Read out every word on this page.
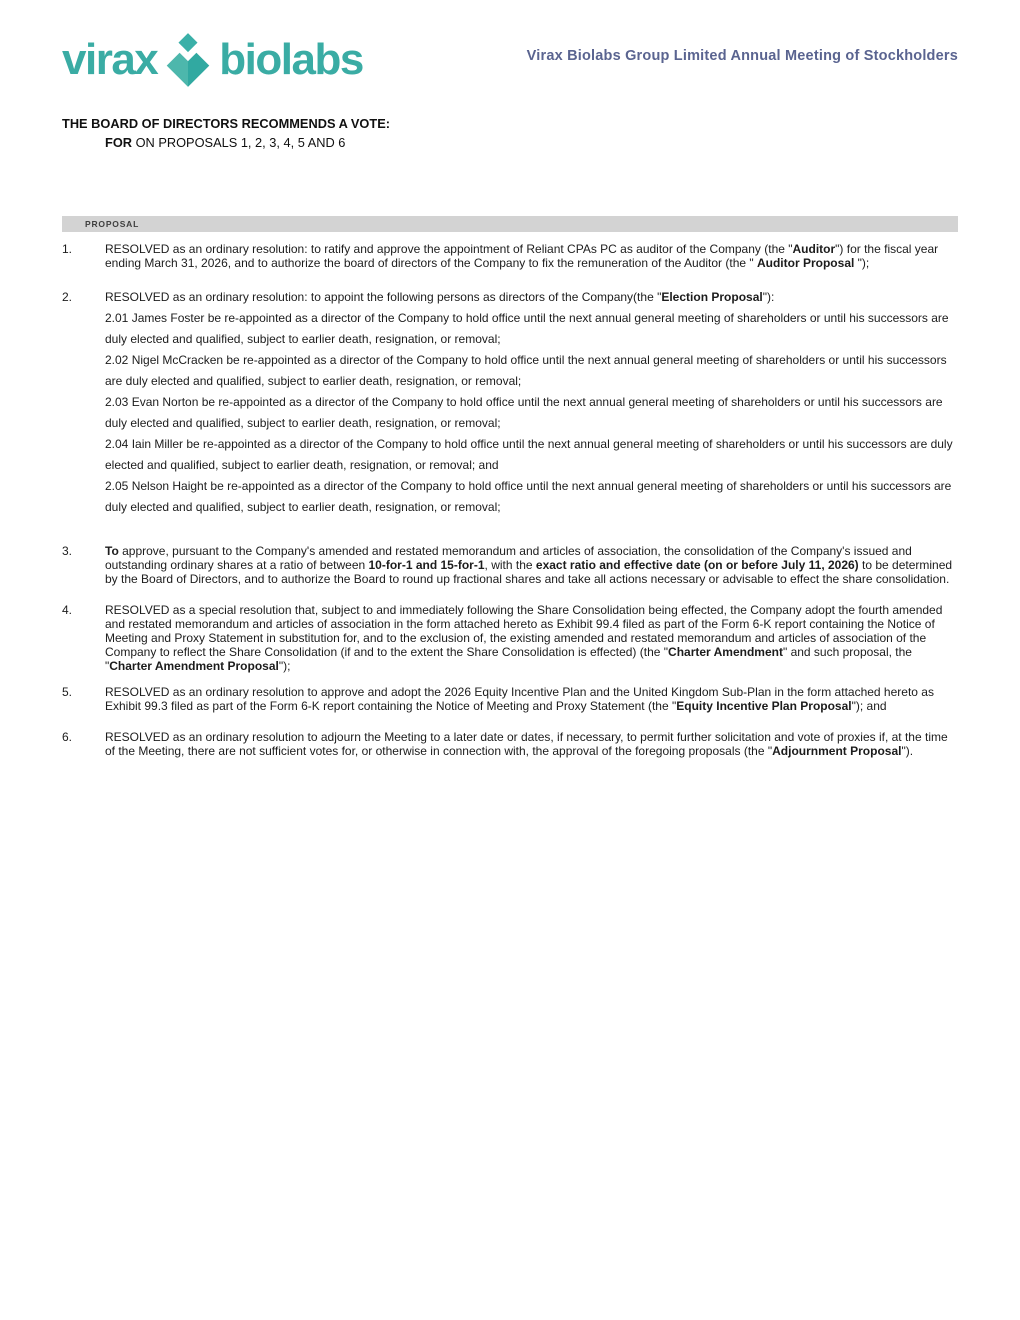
virax biolabs	Virax Biolabs Group Limited Annual Meeting of Stockholders
THE BOARD OF DIRECTORS RECOMMENDS A VOTE:
FOR ON PROPOSALS 1, 2, 3, 4, 5 AND 6
PROPOSAL
1.	RESOLVED as an ordinary resolution: to ratify and approve the appointment of Reliant CPAs PC as auditor of the Company (the "Auditor") for the fiscal year ending March 31, 2026, and to authorize the board of directors of the Company to fix the remuneration of the Auditor (the " Auditor Proposal ");
2.	RESOLVED as an ordinary resolution: to appoint the following persons as directors of the Company(the "Election Proposal"):
2.01 James Foster be re-appointed as a director of the Company to hold office until the next annual general meeting of shareholders or until his successors are duly elected and qualified, subject to earlier death, resignation, or removal;
2.02 Nigel McCracken be re-appointed as a director of the Company to hold office until the next annual general meeting of shareholders or until his successors are duly elected and qualified, subject to earlier death, resignation, or removal;
2.03 Evan Norton be re-appointed as a director of the Company to hold office until the next annual general meeting of shareholders or until his successors are duly elected and qualified, subject to earlier death, resignation, or removal;
2.04 Iain Miller be re-appointed as a director of the Company to hold office until the next annual general meeting of shareholders or until his successors are duly elected and qualified, subject to earlier death, resignation, or removal; and
2.05 Nelson Haight be re-appointed as a director of the Company to hold office until the next annual general meeting of shareholders or until his successors are duly elected and qualified, subject to earlier death, resignation, or removal;
3.	To approve, pursuant to the Company's amended and restated memorandum and articles of association, the consolidation of the Company's issued and outstanding ordinary shares at a ratio of between 10-for-1 and 15-for-1, with the exact ratio and effective date (on or before July 11, 2026) to be determined by the Board of Directors, and to authorize the Board to round up fractional shares and take all actions necessary or advisable to effect the share consolidation.
4.	RESOLVED as a special resolution that, subject to and immediately following the Share Consolidation being effected, the Company adopt the fourth amended and restated memorandum and articles of association in the form attached hereto as Exhibit 99.4 filed as part of the Form 6-K report containing the Notice of Meeting and Proxy Statement in substitution for, and to the exclusion of, the existing amended and restated memorandum and articles of association of the Company to reflect the Share Consolidation (if and to the extent the Share Consolidation is effected) (the "Charter Amendment" and such proposal, the "Charter Amendment Proposal");
5.	RESOLVED as an ordinary resolution to approve and adopt the 2026 Equity Incentive Plan and the United Kingdom Sub-Plan in the form attached hereto as Exhibit 99.3 filed as part of the Form 6-K report containing the Notice of Meeting and Proxy Statement (the "Equity Incentive Plan Proposal"); and
6.	RESOLVED as an ordinary resolution to adjourn the Meeting to a later date or dates, if necessary, to permit further solicitation and vote of proxies if, at the time of the Meeting, there are not sufficient votes for, or otherwise in connection with, the approval of the foregoing proposals (the "Adjournment Proposal").
